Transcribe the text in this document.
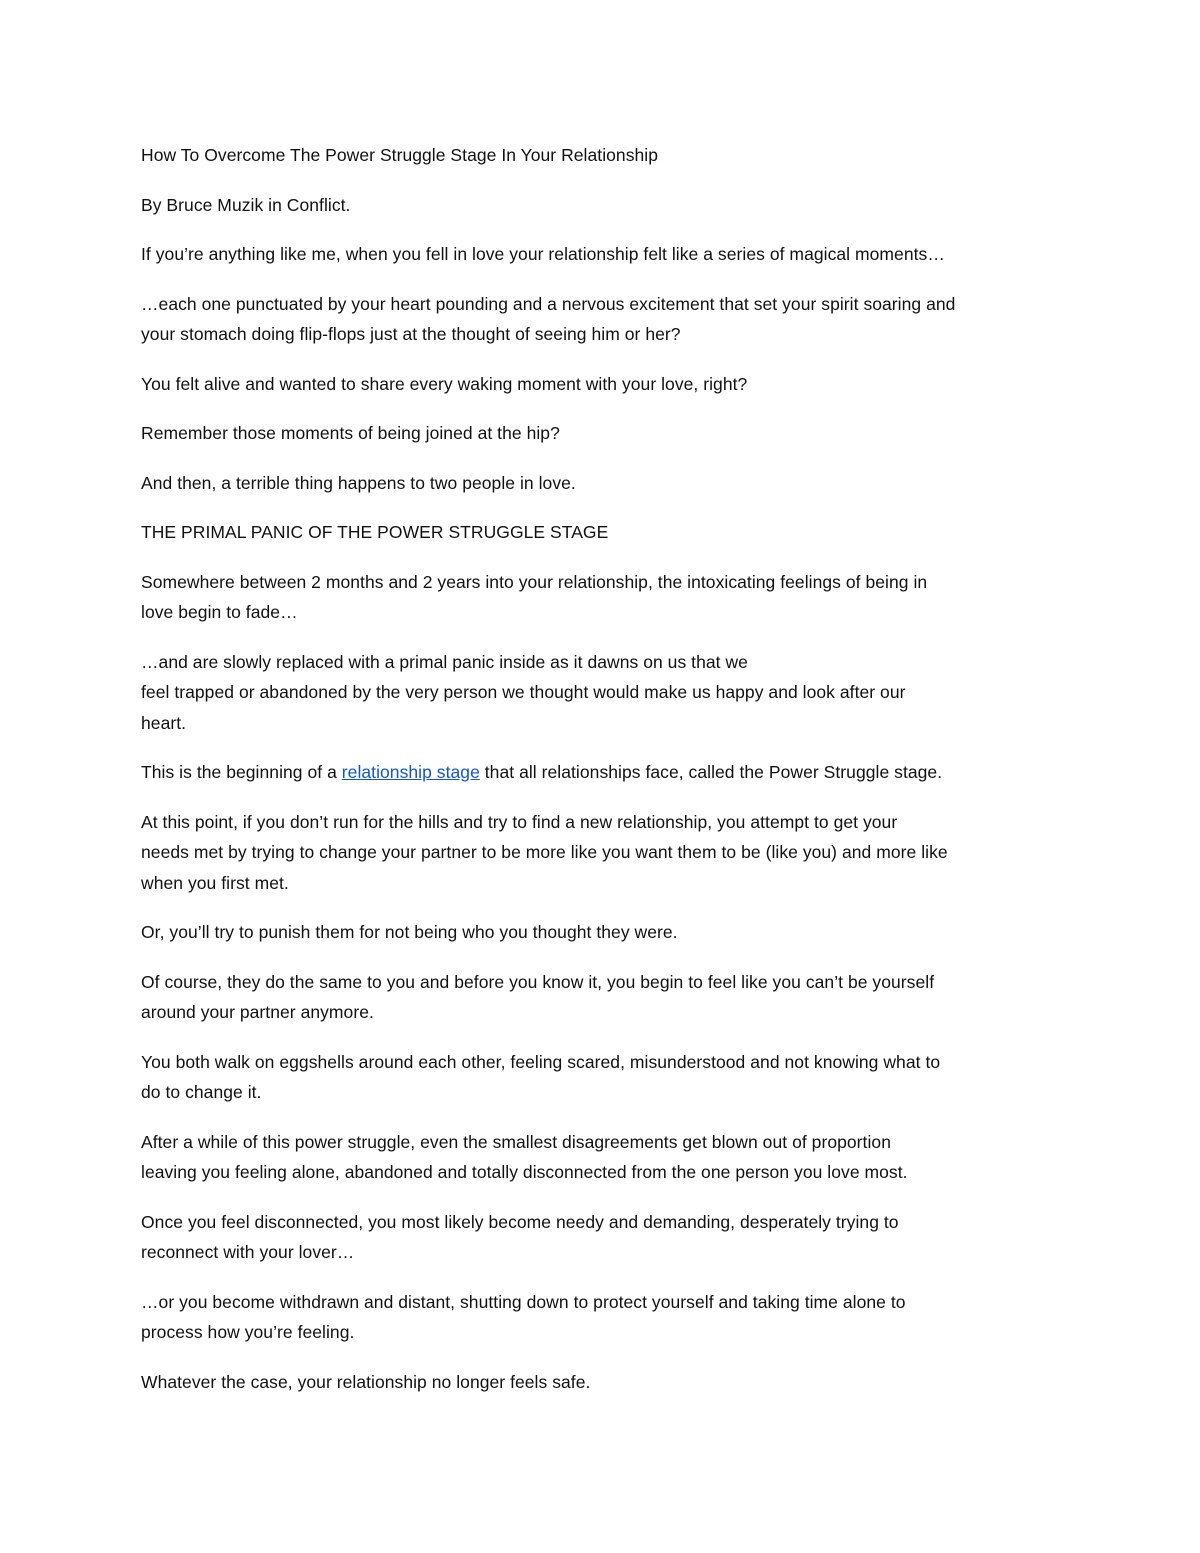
How To Overcome The Power Struggle Stage In Your Relationship

By Bruce Muzik in Conflict.

If you’re anything like me, when you fell in love your relationship felt like a series of magical moments…

…each one punctuated by your heart pounding and a nervous excitement that set your spirit soaring and
your stomach doing flip-flops just at the thought of seeing him or her?

You felt alive and wanted to share every waking moment with your love, right?

Remember those moments of being joined at the hip?

And then, a terrible thing happens to two people in love.

THE PRIMAL PANIC OF THE POWER STRUGGLE STAGE

Somewhere between 2 months and 2 years into your relationship, the intoxicating feelings of being in
love begin to fade…

…and are slowly replaced with a primal panic inside as it dawns on us that we
feel trapped or abandoned by the very person we thought would make us happy and look after our
heart.

This is the beginning of a relationship stage that all relationships face, called the Power Struggle stage.

At this point, if you don’t run for the hills and try to find a new relationship, you attempt to get your
needs met by trying to change your partner to be more like you want them to be (like you) and more like
when you first met.

Or, you’ll try to punish them for not being who you thought they were.

Of course, they do the same to you and before you know it, you begin to feel like you can’t be yourself
around your partner anymore.

You both walk on eggshells around each other, feeling scared, misunderstood and not knowing what to
do to change it.

After a while of this power struggle, even the smallest disagreements get blown out of proportion
leaving you feeling alone, abandoned and totally disconnected from the one person you love most.

Once you feel disconnected, you most likely become needy and demanding, desperately trying to
reconnect with your lover…

…or you become withdrawn and distant, shutting down to protect yourself and taking time alone to
process how you’re feeling.

Whatever the case, your relationship no longer feels safe.
